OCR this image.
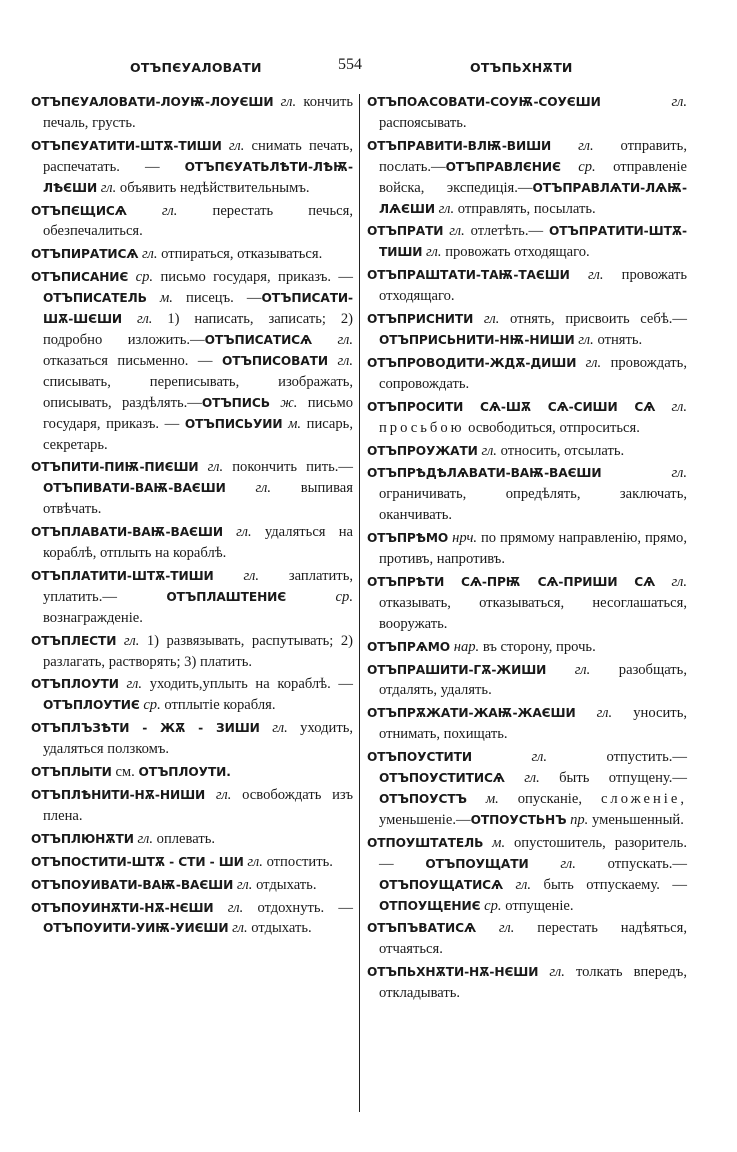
ОТЪПЄУАЛОВАТИ	554	ОТЪПЬХНѪТИ

ОТЪПЄУАЛОВАТИ-ЛОУѬ-ЛОУЄШИ гл. кончить печаль, грусть.

ОТЪПЄУАТИТИ-ШТѪ-ТИШИ гл. снимать печать, распечатать. — ОТЪПЄУАТЬЛѢТИ-ЛѢѬ-ЛѢЄШИ гл. объявить недѣйствительнымъ.

ОТЪПЄЩИСѦ гл. перестать печься, обезпечалиться.

ОТЪПИРАТИСѦ гл. отпираться, отказываться.

ОТЪПИСАНИЄ ср. письмо государя, приказъ. — ОТЪПИСАТЕЛЬ м. писецъ. —ОТЪПИСАТИ-ШѪ-ШЄШИ гл. 1) написать, записать; 2) подробно изложить.—ОТЪПИСАТИСѦ гл. отказаться письменно. — ОТЪПИСОВАТИ гл. списывать, переписывать, изображать, описывать, раздѣлять.—ОТЪПИСЬ ж. письмо государя, приказъ. — ОТЪПИСЬУИИ м. писарь, секретарь.

ОТЪПИТИ-ПИѬ-ПИЄШИ гл. покончить пить.—ОТЪПИВАТИ-ВАѬ-ВАЄШИ гл. выпивая отвѣчать.

ОТЪПЛАВАТИ-ВАѬ-ВАЄШИ гл. удаляться на кораблѣ, отплыть на кораблѣ.

ОТЪПЛАТИТИ-ШТѪ-ТИШИ гл. заплатить, уплатить.— ОТЪПЛАШТЕНИЄ	ср. вознагражденіе.

ОТЪПЛЕСТИ гл. 1) развязывать, распутывать; 2) разлагать, растворять; 3) платить.

ОТЪПЛОУТИ гл. уходить,уплыть на кораблѣ. — ОТЪПЛОУТИЄ ср. отплытіе корабля.

ОТЪПЛЪЗѢТИ - ЖѪ - ЗИШИ гл. уходить, удаляться ползкомъ.

ОТЪПЛЫТИ см. ОТЪПЛОУТИ.

ОТЪПЛѢНИТИ-НѪ-НИШИ гл. освобождать изъ плена.

ОТЪПЛЮНѪТИ гл. оплевать.

ОТЪПОСТИТИ-ШТѪ - СТИ - ШИ гл. отпостить.

ОТЪПОУИВАТИ-ВАѬ-ВАЄШИ гл. отдыхать.

ОТЪПОУИНѪТИ-НѪ-НЄШИ гл. отдохнуть. —ОТЪПОУИТИ-УИѬ-УИЄШИ гл. отдыхать.

ОТЪПОѦСОВАТИ-СОУѬ-СОУЄШИ	гл. распоясывать.

ОТЪПРАВИТИ-ВЛѬ-ВИШИ гл. отправить, послать.—ОТЪПРАВЛЄНИЄ ср. отправленіе войска, экспедиція.—ОТЪПРАВЛѦТИ-ЛѦѬ-ЛѦЄШИ гл. отправлять, посылать.

ОТЪПРАТИ гл. отлетѣть.— ОТЪПРАТИТИ-ШТѪ-ТИШИ гл. провожать отходящаго.

ОТЪПРАШТАТИ-ТАѬ-ТАЄШИ гл. провожать отходящаго.

ОТЪПРИСНИТИ гл. отнять, присвоить себѣ.—ОТЪПРИСЬНИТИ-НѬ-НИШИ гл. отнять.

ОТЪПРОВОДИТИ-ЖДѪ-ДИШИ гл. провождать, сопровождать.

ОТЪПРОСИТИ СѦ-ШѪ СѦ-СИШИ СѦ гл. просьбою освободиться, отпроситься.

ОТЪПРОУЖАТИ гл. относить, отсылать.

ОТЪПРѢДѢЛѦВАТИ-ВАѬ-ВАЄШИ	гл. ограничивать, опредѣлять, заключать, оканчивать.

ОТЪПРѢМО нрч. по прямому направленію, прямо, противъ, напротивъ.

ОТЪПРѢТИ СѦ-ПРѬ СѦ-ПРИШИ СѦ гл. отказывать, отказываться, несоглашаться, вооружать.

ОТЪПРѦМО нар. въ сторону, прочь.

ОТЪПРАШИТИ-ГѪ-ЖИШИ гл. разобщать, отдалять, удалять.

ОТЪПРѪЖАТИ-ЖАѬ-ЖАЄШИ гл. уносить, отнимать, похищать.

ОТЪПОУСТИТИ	гл. отпустить.—ОТЪПОУСТИТИСѦ гл. быть отпущену.—ОТЪПОУСТЪ м. опусканіе, сложеніе, уменьшеніе.—ОТПОУСТЬНЪ пр. уменьшенный.

ОТПОУШТАТЕЛЬ м. опустошитель, разоритель. — ОТЪПОУЩАТИ гл. отпускать.—ОТЪПОУЩАТИСѦ гл. быть отпускаему. — ОТПОУЩЕНИЄ ср. отпущеніе.

ОТЪПЪВАТИСѦ гл. перестать надѣяться, отчаяться.

ОТЪПЬХНѪТИ-НѪ-НЄШИ гл. толкать впередъ, откладывать.
